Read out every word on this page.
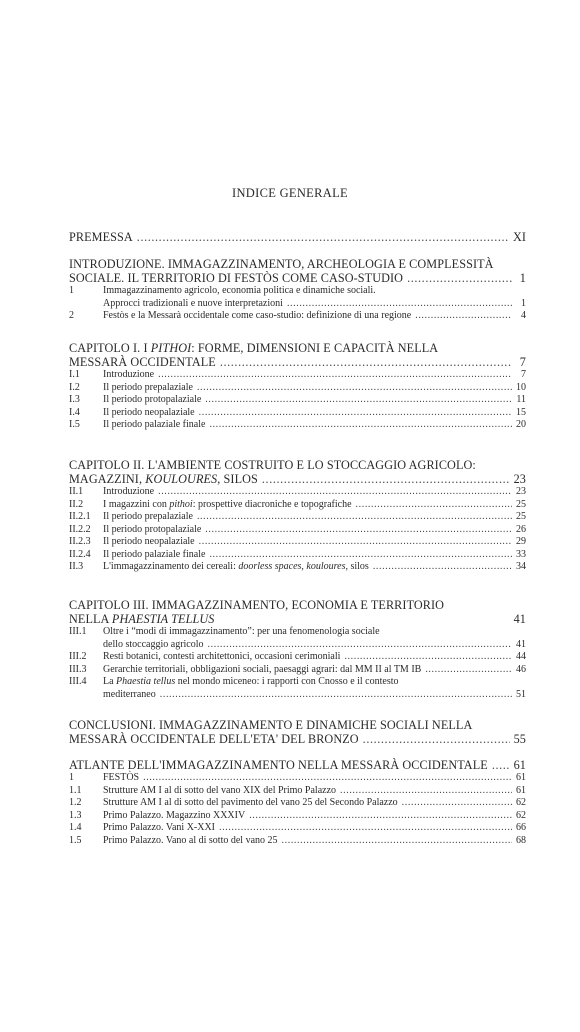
INDICE GENERALE
PREMESSA .....	XI
INTRODUZIONE. IMMAGAZZINAMENTO, ARCHEOLOGIA E COMPLESSITÀ
SOCIALE. IL TERRITORIO DI FESTÒS COME CASO-STUDIO .....	1
1	Immagazzinamento agricolo, economia politica e dinamiche sociali.
Approcci tradizionali e nuove interpretazioni .....	1
2	Festòs e la Messarà occidentale come caso-studio: definizione di una regione .....	4
CAPITOLO I. I PITHOI: FORME, DIMENSIONI E CAPACITÀ NELLA
MESSARÀ OCCIDENTALE .....	7
I.1	Introduzione .....	7
I.2	Il periodo prepalaziale .....	10
I.3	Il periodo protopalaziale .....	11
I.4	Il periodo neopalaziale .....	15
I.5	Il periodo palaziale finale .....	20
CAPITOLO II. L'AMBIENTE COSTRUITO E LO STOCCAGGIO AGRICOLO:
MAGAZZINI, KOULOURES, SILOS .....	23
II.1	Introduzione .....	23
II.2	I magazzini con pithoi: prospettive diacroniche e topografiche .....	25
II.2.1	Il periodo prepalaziale .....	25
II.2.2	Il periodo protopalaziale .....	26
II.2.3	Il periodo neopalaziale .....	29
II.2.4	Il periodo palaziale finale .....	33
II.3	L'immagazzinamento dei cereali: doorless spaces, kouloures, silos .....	34
CAPITOLO III. IMMAGAZZINAMENTO, ECONOMIA E TERRITORIO
NELLA PHAESTIA TELLUS	41
III.1	Oltre i “modi di immagazzinamento”: per una fenomenologia sociale
dello stoccaggio agricolo .....	41
III.2	Resti botanici, contesti architettonici, occasioni cerimoniali .....	44
III.3	Gerarchie territoriali, obbligazioni sociali, paesaggi agrari: dal MM II al TM IB .....	46
III.4	La Phaestia tellus nel mondo miceneo: i rapporti con Cnosso e il contesto
mediterraneo .....	51
CONCLUSIONI. IMMAGAZZINAMENTO E DINAMICHE SOCIALI NELLA
MESSARÀ OCCIDENTALE DELL'ETA' DEL BRONZO .....	55
ATLANTE DELL'IMMAGAZZINAMENTO NELLA MESSARÀ OCCIDENTALE ..... 61
1	FESTÒS .....	61
1.1	Strutture AM I al di sotto del vano XIX del Primo Palazzo .....	61
1.2	Strutture AM I al di sotto del pavimento del vano 25 del Secondo Palazzo .....	62
1.3	Primo Palazzo. Magazzino XXXIV .....	62
1.4	Primo Palazzo. Vani X-XXI .....	66
1.5	Primo Palazzo. Vano al di sotto del vano 25 .....	68
